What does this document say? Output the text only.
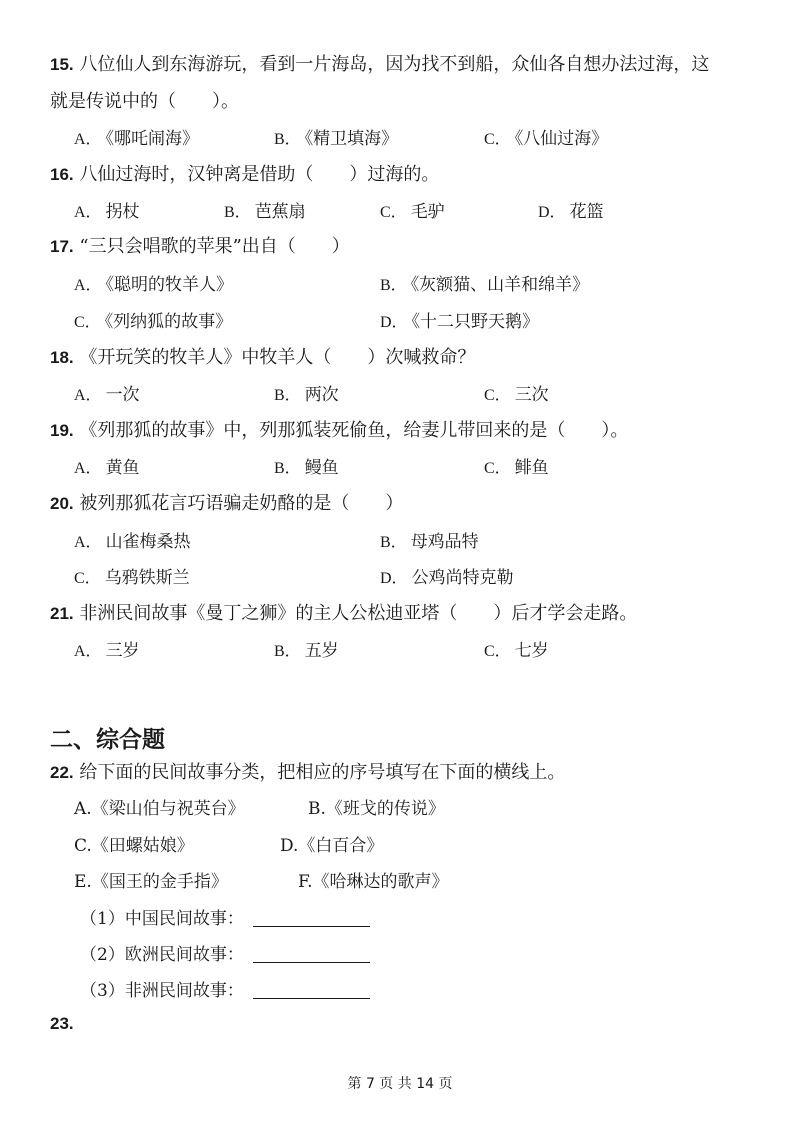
15. 八位仙人到东海游玩，看到一片海岛，因为找不到船，众仙各自想办法过海，这
就是传说中的（　　）。
A． 《哪吒闹海》	B． 《精卫填海》	C． 《八仙过海》
16. 八仙过海时，汉钟离是借助（　　）过海的。
A． 拐杖	B． 芭蕉扇	C． 毛驴	D． 花篮
17. “三只会唱歌的苹果”出自（　　）
A． 《聪明的牧羊人》	B． 《灰额猫、山羊和绵羊》
C． 《列纳狐的故事》	D． 《十二只野天鹅》
18. 《开玩笑的牧羊人》中牧羊人（　　）次喊救命？
A． 一次	B． 两次	C． 三次
19. 《列那狐的故事》中，列那狐装死偷鱼，给妻儿带回来的是（　　）。
A． 黄鱼	B． 鳗鱼	C． 鲱鱼
20. 被列那狐花言巧语骗走奶酪的是（　　）
A． 山雀梅桑热	B． 母鸡品特
C． 乌鸦铁斯兰	D． 公鸡尚特克勒
21. 非洲民间故事《曼丁之狮》的主人公松迪亚塔（　　）后才学会走路。
A． 三岁	B． 五岁	C． 七岁
二、综合题
22. 给下面的民间故事分类，把相应的序号填写在下面的横线上。
A.《梁山伯与祝英台》	B.《班戈的传说》
C.《田螺姑娘》	D.《白百合》
E.《国王的金手指》	F.《哈琳达的歌声》
（1）中国民间故事：
（2）欧洲民间故事：
（3）非洲民间故事：
23.
第 7 页 共 14 页
